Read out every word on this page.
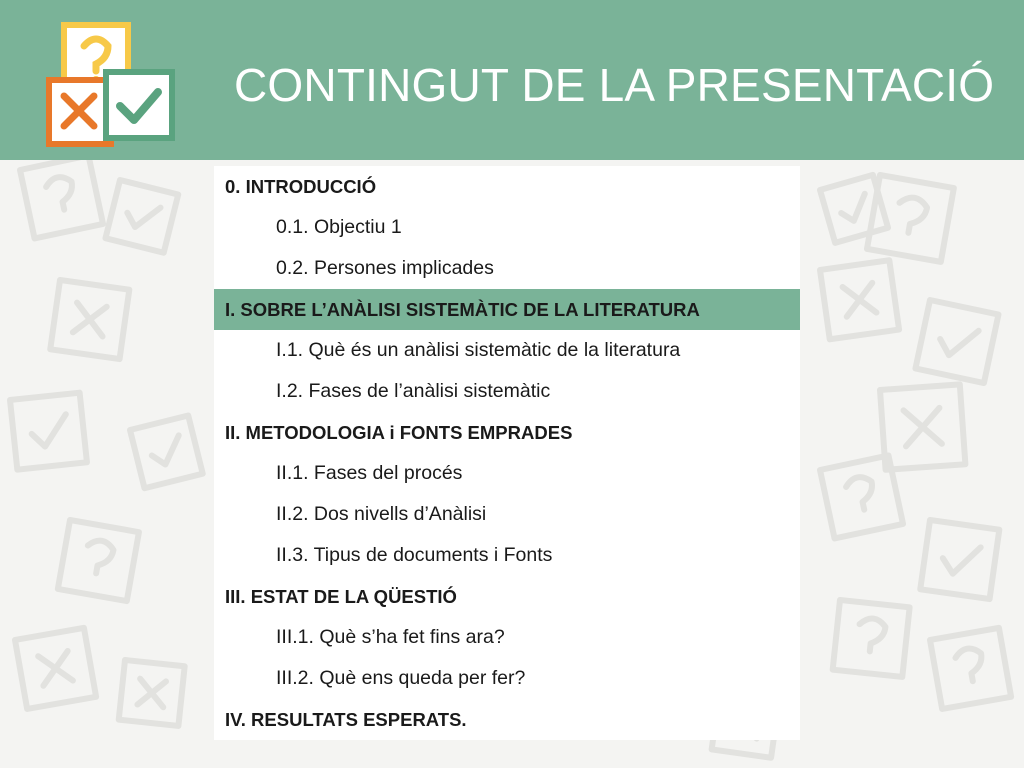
CONTINGUT DE LA PRESENTACIÓ
0. INTRODUCCIÓ
0.1. Objectiu 1
0.2. Persones implicades
I. SOBRE L’ANÀLISI SISTEMÀTIC DE LA LITERATURA
I.1. Què és un anàlisi sistemàtic de la literatura
I.2. Fases de l’anàlisi sistemàtic
II. METODOLOGIA i FONTS EMPRADES
II.1. Fases del procés
II.2. Dos nivells d’Anàlisi
II.3. Tipus de documents i Fonts
III. ESTAT DE LA QÜESTIÓ
III.1. Què s’ha fet fins ara?
III.2. Què ens queda per fer?
IV. RESULTATS ESPERATS.
